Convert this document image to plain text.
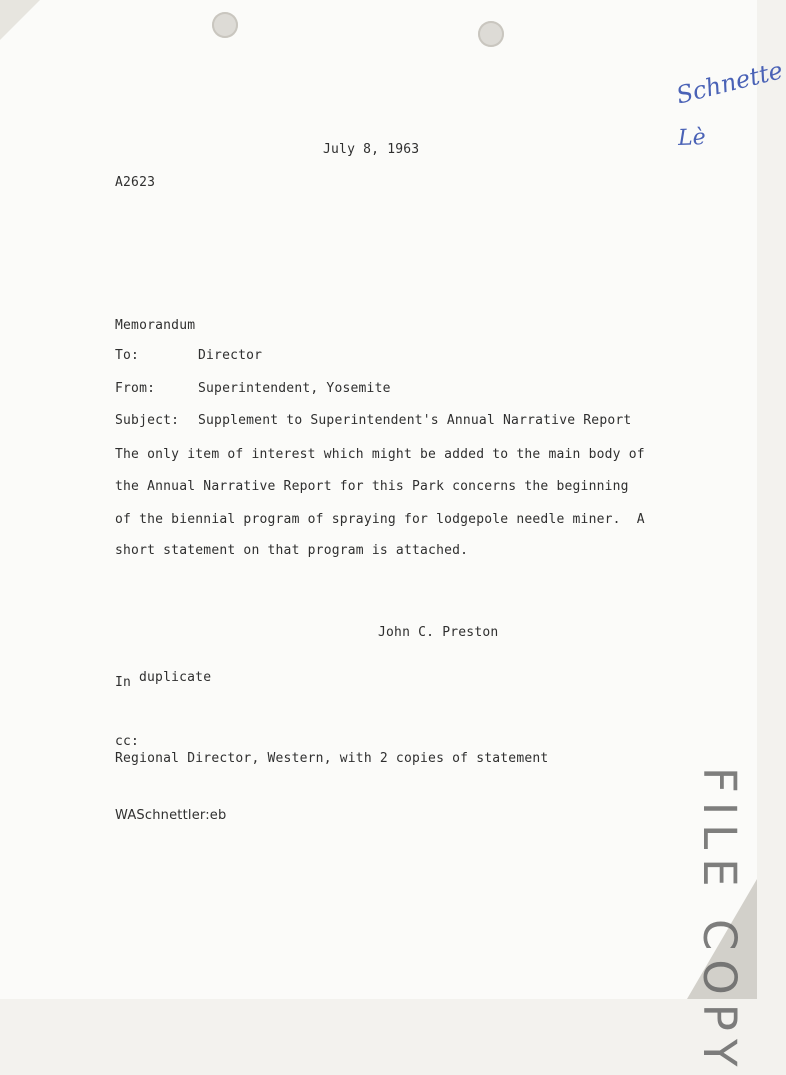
Schnette
Lè
July 8, 1963
A2623
Memorandum
To:	Director
From:	Superintendent, Yosemite
Subject: Supplement to Superintendent's Annual Narrative Report
The only item of interest which might be added to the main body of
the Annual Narrative Report for this Park concerns the beginning
of the biennial program of spraying for lodgepole needle miner.  A
short statement on that program is attached.
John C. Preston
In duplicate
cc:
Regional Director, Western, with 2 copies of statement
WASchnettler:eb	FILE COPY
